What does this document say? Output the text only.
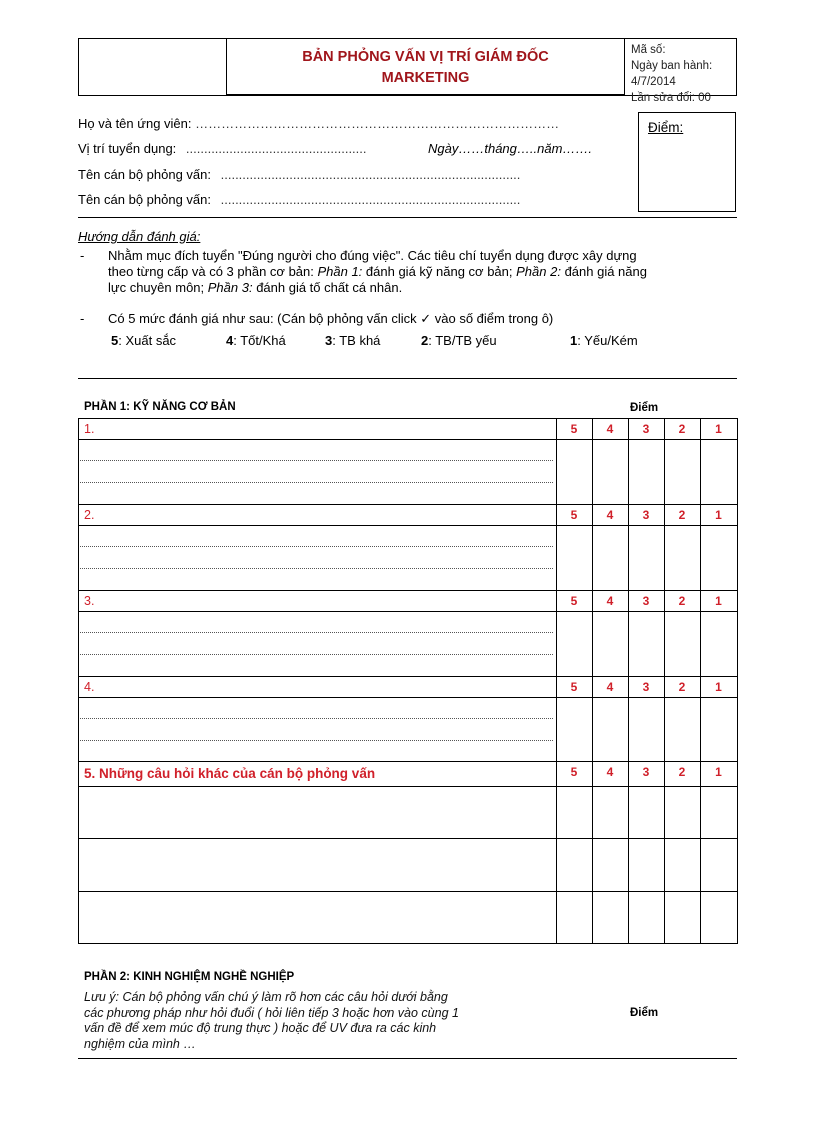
BẢN PHỎNG VẤN VỊ TRÍ GIÁM ĐỐC
MARKETING
Mã số:
Ngày ban hành: 4/7/2014
Lần sửa đổi: 00
Họ và tên ứng viên: …………………………………………………………………………
Vị trí tuyển dụng: ..................................................	Ngày……tháng…..năm…….
Tên cán bộ phỏng vấn: ...................................................................................
Tên cán bộ phỏng vấn: ...................................................................................
Điểm:
Hướng dẫn đánh giá:
- Nhằm mục đích tuyển "Đúng người cho đúng việc". Các tiêu chí tuyển dụng được xây dựng
theo từng cấp và có 3 phần cơ bản: Phần 1: đánh giá kỹ năng cơ bản; Phần 2: đánh giá năng
lực chuyên môn; Phần 3: đánh giá tố chất cá nhân.
- Có 5 mức đánh giá như sau: (Cán bộ phỏng vấn click ✓ vào số điểm trong ô)
5: Xuất sắc	4: Tốt/Khá	3: TB khá	2: TB/TB yếu	1: Yếu/Kém
PHẦN 1: KỸ NĂNG CƠ BẢN	Điểm
1.	5	4	3	2	1
2.	5	4	3	2	1
3.	5	4	3	2	1
4.	5	4	3	2	1
5. Những câu hỏi khác của cán bộ phỏng vấn	5	4	3	2	1
PHẦN 2: KINH NGHIỆM NGHỀ NGHIỆP
Lưu ý: Cán bộ phỏng vấn chú ý làm rõ hơn các câu hỏi dưới bằng
các phương pháp như hỏi đuổi ( hỏi liên tiếp 3 hoặc hơn vào cùng 1
vấn đề để xem múc độ trung thực ) hoặc để UV đưa ra các kinh
nghiệm của mình …
Điểm
